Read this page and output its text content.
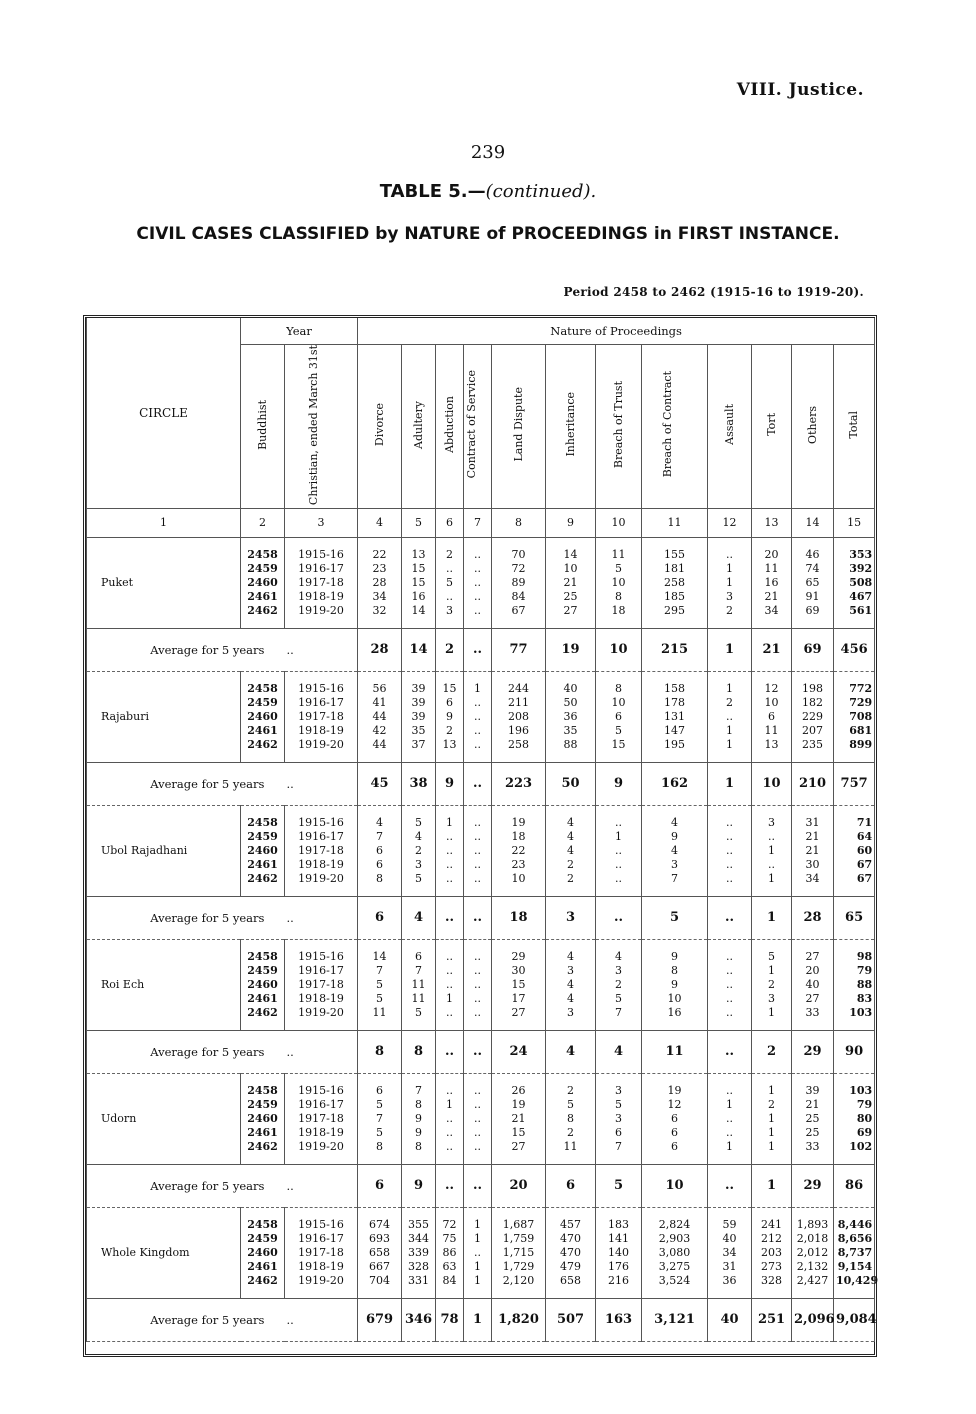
VIII. Justice.
239
TABLE 5.—(continued).
CIVIL CASES CLASSIFIED by NATURE of PROCEEDINGS in FIRST INSTANCE.
Period 2458 to 2462 (1915-16 to 1919-20).
CIRCLE	Year		Nature of Proceedings											
	Buddhist	Christian, ended March 31st	Divorce	Adultery	Abduction	Contract of Service	Land Dispute	Inheritance	Breach of Trust	Breach of Contract	Assault	Tort	Others	Total
1	2	3	4	5	6	7	8	9	10	11	12	13	14	15

Puket	2458	1915-16	22	13	2	..	70	14	11	155	..	20	46	353
	2459	1916-17	23	15	..	..	72	10	5	181	1	11	74	392
	2460	1917-18	28	15	5	..	89	21	10	258	1	16	65	508
	2461	1918-19	34	16	..	..	84	25	8	185	3	21	91	467
	2462	1919-20	32	14	3	..	67	27	18	295	2	34	69	561

Average for 5 years ..			28	14	2	..	77	19	10	215	1	21	69	456

Rajaburi	2458	1915-16	56	39	15	1	244	40	8	158	1	12	198	772
	2459	1916-17	41	39	6	..	211	50	10	178	2	10	182	729
	2460	1917-18	44	39	9	..	208	36	6	131	..	6	229	708
	2461	1918-19	42	35	2	..	196	35	5	147	1	11	207	681
	2462	1919-20	44	37	13	..	258	88	15	195	1	13	235	899

Average for 5 years ..			45	38	9	..	223	50	9	162	1	10	210	757

Ubol Rajadhani	2458	1915-16	4	5	1	..	19	4	..	4	..	3	31	71
	2459	1916-17	7	4	..	..	18	4	1	9	..	..	21	64
	2460	1917-18	6	2	..	..	22	4	..	4	..	1	21	60
	2461	1918-19	6	3	..	..	23	2	..	3	..	..	30	67
	2462	1919-20	8	5	..	..	10	2	..	7	..	1	34	67

Average for 5 years ..			6	4	..	..	18	3	..	5	..	1	28	65

Roi Ech	2458	1915-16	14	6	..	..	29	4	4	9	..	5	27	98
	2459	1916-17	7	7	..	..	30	3	3	8	..	1	20	79
	2460	1917-18	5	11	..	..	15	4	2	9	..	2	40	88
	2461	1918-19	5	11	1	..	17	4	5	10	..	3	27	83
	2462	1919-20	11	5	..	..	27	3	7	16	..	1	33	103

Average for 5 years ..			8	8	..	..	24	4	4	11	..	2	29	90

Udorn	2458	1915-16	6	7	..	..	26	2	3	19	..	1	39	103
	2459	1916-17	5	8	1	..	19	5	5	12	1	2	21	79
	2460	1917-18	7	9	..	..	21	8	3	6	..	1	25	80
	2461	1918-19	5	9	..	..	15	2	6	6	..	1	25	69
	2462	1919-20	8	8	..	..	27	11	7	6	1	1	33	102

Average for 5 years ..			6	9	..	..	20	6	5	10	..	1	29	86

Whole Kingdom	2458	1915-16	674	355	72	1	1,687	457	183	2,824	59	241	1,893	8,446
	2459	1916-17	693	344	75	1	1,759	470	141	2,903	40	212	2,018	8,656
	2460	1917-18	658	339	86	..	1,715	470	140	3,080	34	203	2,012	8,737
	2461	1918-19	667	328	63	1	1,729	479	176	3,275	31	273	2,132	9,154
	2462	1919-20	704	331	84	1	2,120	658	216	3,524	36	328	2,427	10,429

Average for 5 years ..			679	346	78	1	1,820	507	163	3,121	40	251	2,096	9,084
